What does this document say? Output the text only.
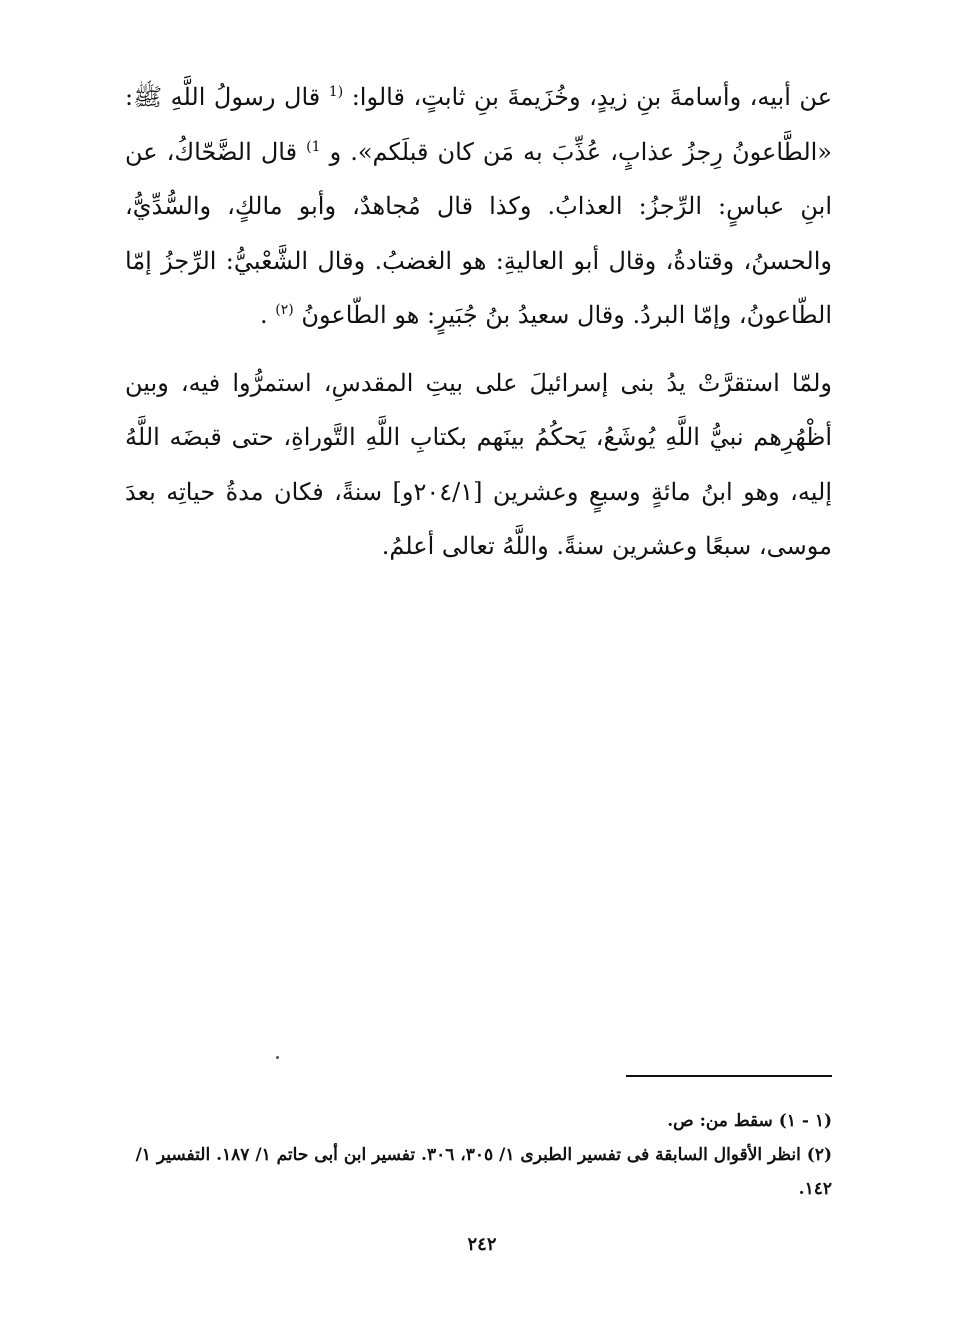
عن أبيه، وأسامةَ بنِ زيدٍ، وخُزَيمةَ بنِ ثابتٍ، قالوا: $^{(1}$ قال رسولُ اللَّهِ ﷺ: «الطَّاعونُ رِجزُ عذابٍ، عُذِّبَ به مَن كان قبلَكم». و $^{1)}$ قال الضَّحّاكُ، عن ابنِ عباسٍ: الرِّجزُ: العذابُ. وكذا قال مُجاهدٌ، وأبو مالكٍ، والسُّدِّيُّ، والحسنُ، وقتادةُ، وقال أبو العاليةِ: هو الغضبُ. وقال الشَّعْبيُّ: الرِّجزُ إمّا الطّاعونُ، وإمّا البردُ. وقال سعيدُ بنُ جُبَيرٍ: هو الطّاعونُ $^{(٢)}$ .

ولمّا استقرَّتْ يدُ بنى إسرائيلَ على بيتِ المقدسِ، استمرُّوا فيه، وبين أظْهُرِهم نبيُّ اللَّهِ يُوشَعُ، يَحكُمُ بينَهم بكتابِ اللَّهِ التَّوراةِ، حتى قبضَه اللَّهُ إليه، وهو ابنُ مائةٍ وسبعٍ وعشرين [٢٠٤/١و] سنةً، فكان مدةُ حياتِه بعدَ موسى، سبعًا وعشرين سنةً. واللَّهُ تعالى أعلمُ.

(١ - ١) سقط من: ص.

(٢) انظر الأقوال السابقة فى تفسير الطبرى ١/ ٣٠٥، ٣٠٦. تفسير ابن أبى حاتم ١/ ١٨٧. التفسير ١/ ١٤٢.

٢٤٢
